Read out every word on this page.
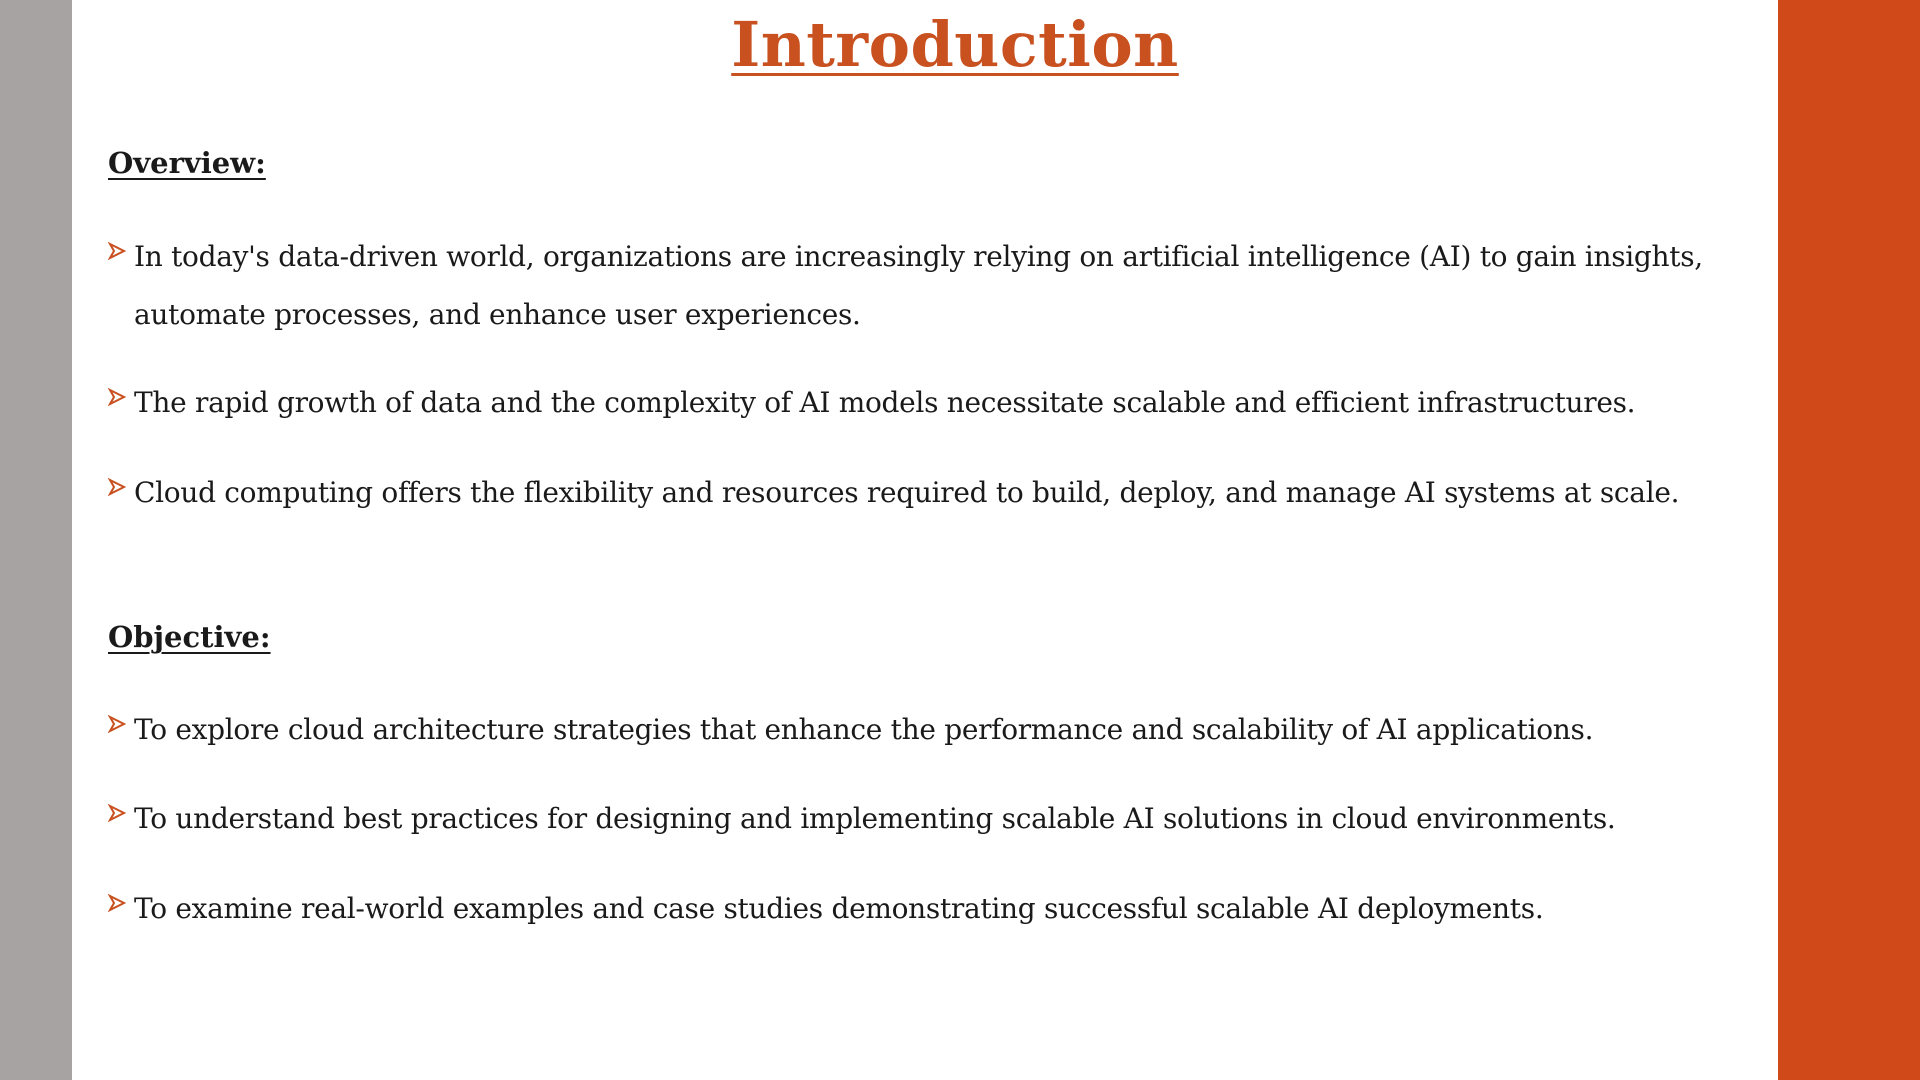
Introduction
Overview:
In today's data-driven world, organizations are increasingly relying on artificial intelligence (AI) to gain insights, automate processes, and enhance user experiences.
The rapid growth of data and the complexity of AI models necessitate scalable and efficient infrastructures.
Cloud computing offers the flexibility and resources required to build, deploy, and manage AI systems at scale.
Objective:
To explore cloud architecture strategies that enhance the performance and scalability of AI applications.
To understand best practices for designing and implementing scalable AI solutions in cloud environments.
To examine real-world examples and case studies demonstrating successful scalable AI deployments.
